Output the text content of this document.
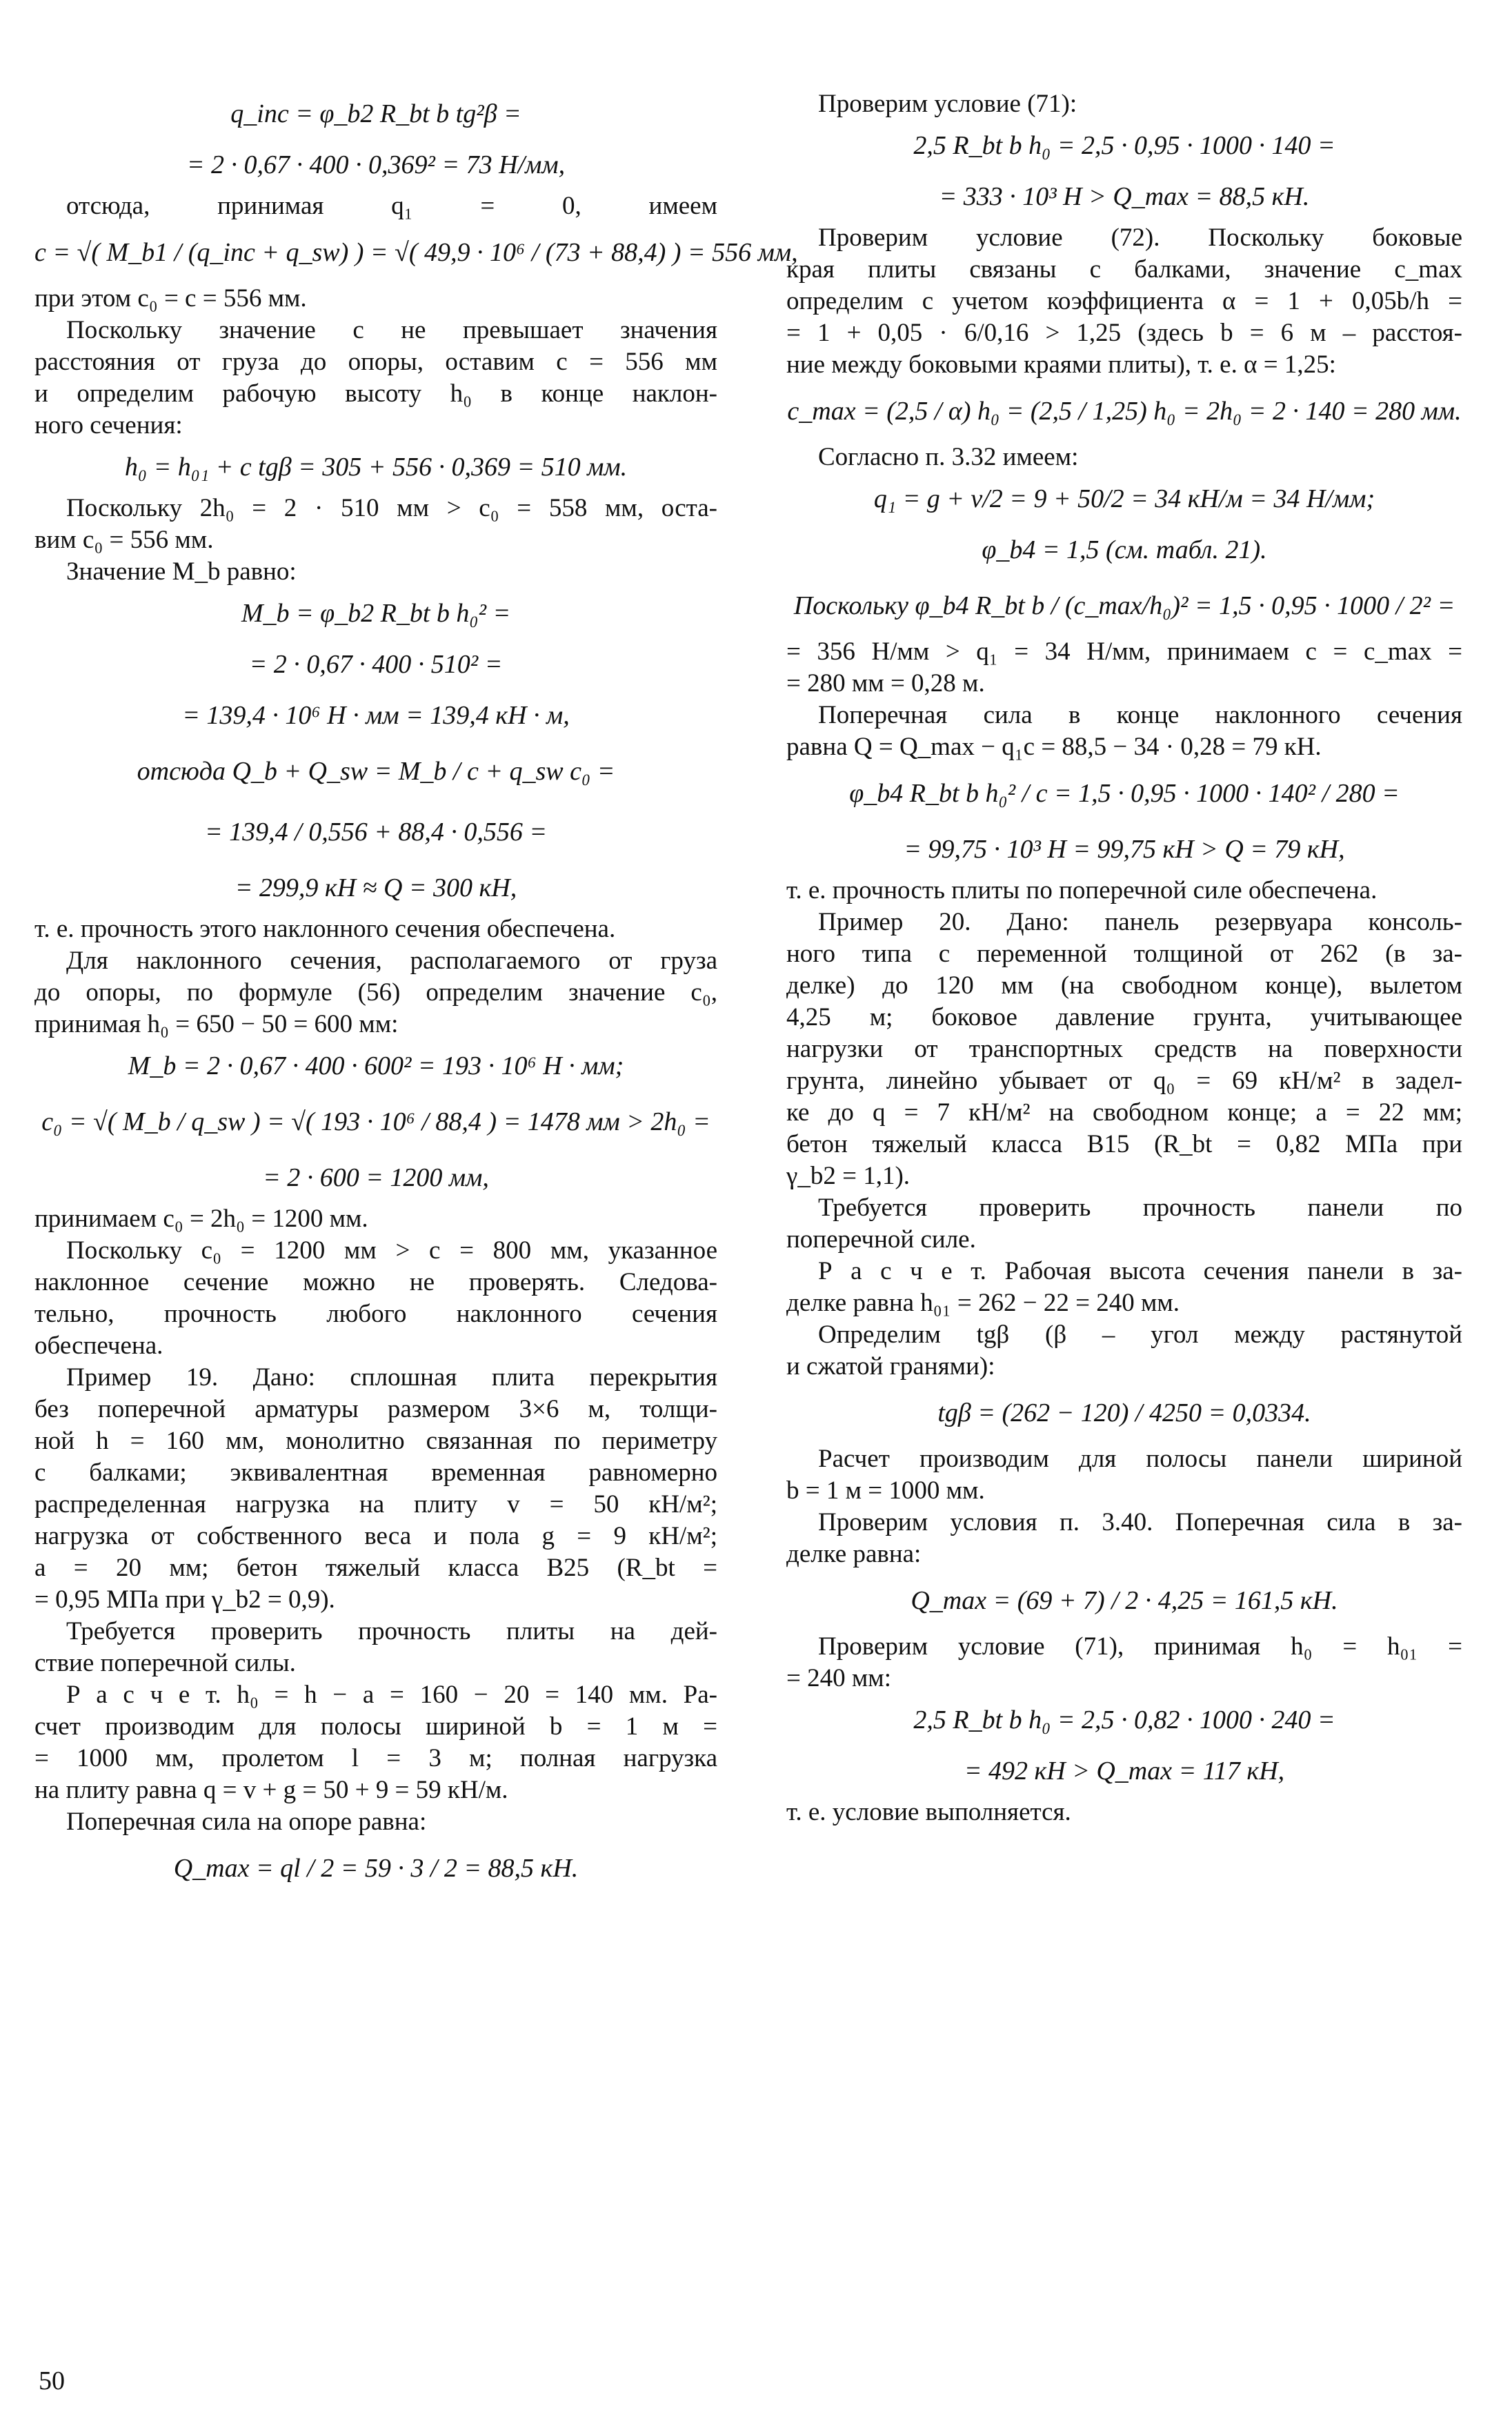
q_inc = φ_b2 R_bt b tg²β =
= 2 · 0,67 · 400 · 0,369² = 73 Н/мм,
отсюда, принимая q₁ = 0, имеем
c = √( M_b1 / (q_inc + q_sw) ) = √( 49,9 · 10⁶ / (73 + 88,4) ) = 556 мм,
при этом c₀ = c = 556 мм.
Поскольку значение c не превышает значения
расстояния от груза до опоры, оставим c = 556 мм
и определим рабочую высоту h₀ в конце наклон-
ного сечения:
h₀ = h₀₁ + c tgβ = 305 + 556 · 0,369 = 510 мм.
Поскольку 2h₀ = 2 · 510 мм > c₀ = 558 мм, оста-
вим c₀ = 556 мм.
Значение M_b равно:
M_b = φ_b2 R_bt b h₀² =
= 2 · 0,67 · 400 · 510² =
= 139,4 · 10⁶ Н · мм = 139,4 кН · м,
отсюда Q_b + Q_sw = M_b / c + q_sw c₀ =
= 139,4 / 0,556 + 88,4 · 0,556 =
= 299,9 кН ≈ Q = 300 кН,
т. е. прочность этого наклонного сечения обеспечена.
Для наклонного сечения, располагаемого от груза
до опоры, по формуле (56) определим значение c₀,
принимая h₀ = 650 − 50 = 600 мм:
M_b = 2 · 0,67 · 400 · 600² = 193 · 10⁶ Н · мм;
c₀ = √( M_b / q_sw ) = √( 193 · 10⁶ / 88,4 ) = 1478 мм > 2h₀ =
= 2 · 600 = 1200 мм,
принимаем c₀ = 2h₀ = 1200 мм.
Поскольку c₀ = 1200 мм > c = 800 мм, указанное
наклонное сечение можно не проверять. Следова-
тельно, прочность любого наклонного сечения
обеспечена.
Пример 19. Дано: сплошная плита перекрытия
без поперечной арматуры размером 3×6 м, толщи-
ной h = 160 мм, монолитно связанная по периметру
с балками; эквивалентная временная равномерно
распределенная нагрузка на плиту v = 50 кН/м²;
нагрузка от собственного веса и пола g = 9 кН/м²;
a = 20 мм; бетон тяжелый класса B25 (R_bt =
= 0,95 МПа при γ_b2 = 0,9).
Требуется проверить прочность плиты на дей-
ствие поперечной силы.
Р а с ч е т. h₀ = h − a = 160 − 20 = 140 мм. Ра-
счет производим для полосы шириной b = 1 м =
= 1000 мм, пролетом l = 3 м; полная нагрузка
на плиту равна q = v + g = 50 + 9 = 59 кН/м.
Поперечная сила на опоре равна:
Q_max = ql / 2 = 59 · 3 / 2 = 88,5 кН.
Проверим условие (71):
2,5 R_bt b h₀ = 2,5 · 0,95 · 1000 · 140 =
= 333 · 10³ Н > Q_max = 88,5 кН.
Проверим условие (72). Поскольку боковые
края плиты связаны с балками, значение c_max
определим с учетом коэффициента α = 1 + 0,05b/h =
= 1 + 0,05 · 6/0,16 > 1,25 (здесь b = 6 м – расстоя-
ние между боковыми краями плиты), т. е. α = 1,25:
c_max = (2,5 / α) h₀ = (2,5 / 1,25) h₀ = 2h₀ = 2 · 140 = 280 мм.
Согласно п. 3.32 имеем:
q₁ = g + v/2 = 9 + 50/2 = 34 кН/м = 34 Н/мм;
φ_b4 = 1,5 (см. табл. 21).
Поскольку φ_b4 R_bt b / (c_max/h₀)² = 1,5 · 0,95 · 1000 / 2² =
= 356 Н/мм > q₁ = 34 Н/мм, принимаем c = c_max =
= 280 мм = 0,28 м.
Поперечная сила в конце наклонного сечения
равна Q = Q_max − q₁c = 88,5 − 34 · 0,28 = 79 кН.
φ_b4 R_bt b h₀² / c = 1,5 · 0,95 · 1000 · 140² / 280 =
= 99,75 · 10³ Н = 99,75 кН > Q = 79 кН,
т. е. прочность плиты по поперечной силе обеспечена.
Пример 20. Дано: панель резервуара консоль-
ного типа с переменной толщиной от 262 (в за-
делке) до 120 мм (на свободном конце), вылетом
4,25 м; боковое давление грунта, учитывающее
нагрузки от транспортных средств на поверхности
грунта, линейно убывает от q₀ = 69 кН/м² в задел-
ке до q = 7 кН/м² на свободном конце; a = 22 мм;
бетон тяжелый класса B15 (R_bt = 0,82 МПа при
γ_b2 = 1,1).
Требуется проверить прочность панели по
поперечной силе.
Р а с ч е т. Рабочая высота сечения панели в за-
делке равна h₀₁ = 262 − 22 = 240 мм.
Определим tgβ (β – угол между растянутой
и сжатой гранями):
tgβ = (262 − 120) / 4250 = 0,0334.
Расчет производим для полосы панели шириной
b = 1 м = 1000 мм.
Проверим условия п. 3.40. Поперечная сила в за-
делке равна:
Q_max = (69 + 7) / 2 · 4,25 = 161,5 кН.
Проверим условие (71), принимая h₀ = h₀₁ =
= 240 мм:
2,5 R_bt b h₀ = 2,5 · 0,82 · 1000 · 240 =
= 492 кН > Q_max = 117 кН,
т. е. условие выполняется.
50
